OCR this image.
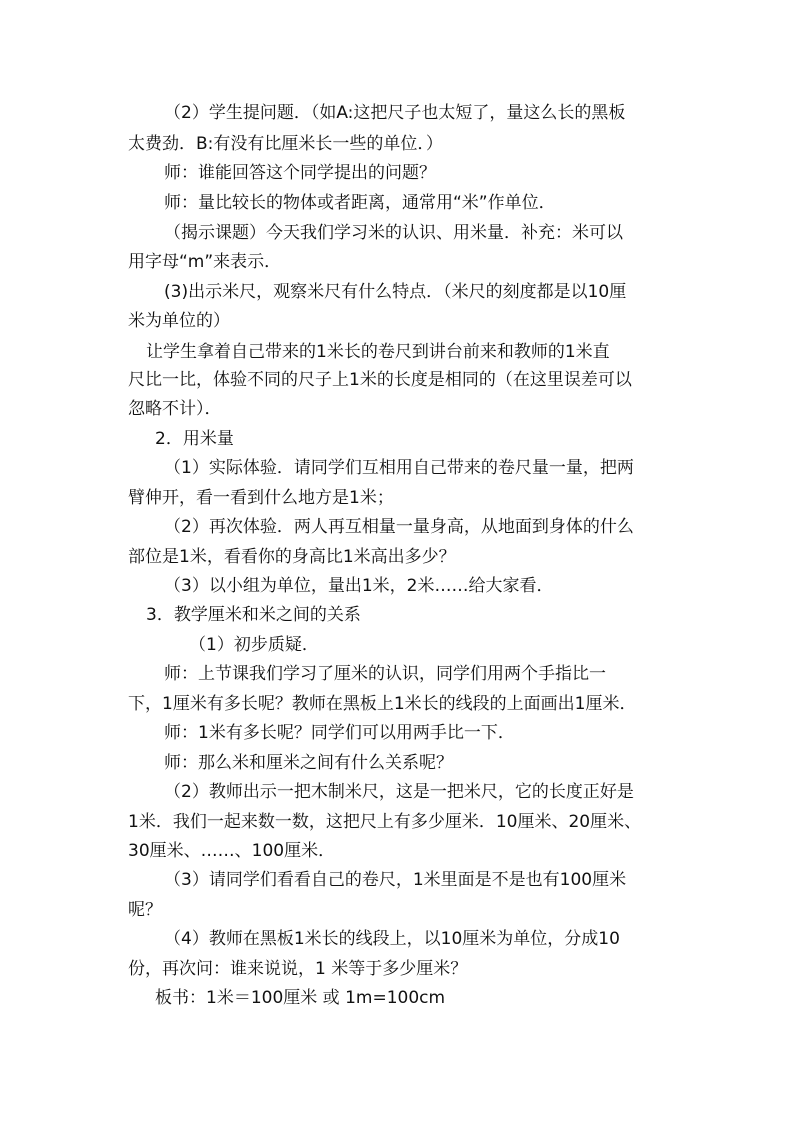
（2）学生提问题．（如A:这把尺子也太短了，量这么长的黑板
太费劲．B:有没有比厘米长一些的单位．）
师：谁能回答这个同学提出的问题？
师：量比较长的物体或者距离，通常用“米”作单位．
（揭示课题）今天我们学习米的认识、用米量．补充：米可以
用字母“m”来表示．
(3)出示米尺，观察米尺有什么特点．（米尺的刻度都是以10厘
米为单位的）
让学生拿着自己带来的1米长的卷尺到讲台前来和教师的1米直
尺比一比，体验不同的尺子上1米的长度是相同的（在这里误差可以
忽略不计）．
2．用米量
（1）实际体验．请同学们互相用自己带来的卷尺量一量，把两
臂伸开，看一看到什么地方是1米；
（2）再次体验．两人再互相量一量身高，从地面到身体的什么
部位是1米，看看你的身高比1米高出多少？
（3）以小组为单位，量出1米，2米……给大家看．
3．教学厘米和米之间的关系
（1）初步质疑．
师：上节课我们学习了厘米的认识，同学们用两个手指比一
下，1厘米有多长呢？教师在黑板上1米长的线段的上面画出1厘米．
师：1米有多长呢？同学们可以用两手比一下．
师：那么米和厘米之间有什么关系呢？
（2）教师出示一把木制米尺，这是一把米尺，它的长度正好是
1米．我们一起来数一数，这把尺上有多少厘米．10厘米、20厘米、
30厘米、……、100厘米．
（3）请同学们看看自己的卷尺，1米里面是不是也有100厘米
呢？
（4）教师在黑板1米长的线段上，以10厘米为单位，分成10
份，再次问：谁来说说，1 米等于多少厘米？
板书：1米＝100厘米 或 1m=100cm
